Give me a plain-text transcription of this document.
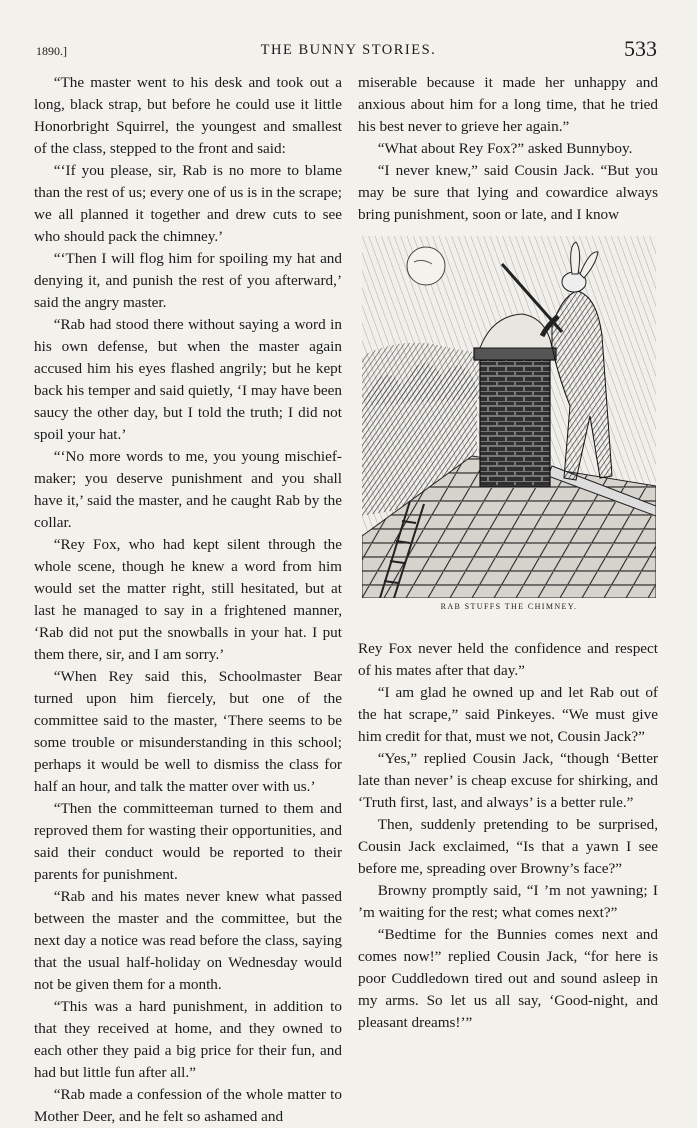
1890.]	THE BUNNY STORIES.	533

“The master went to his desk and took out a long, black strap, but before he could use it little Honorbright Squirrel, the youngest and smallest of the class, stepped to the front and said:

“‘If you please, sir, Rab is no more to blame than the rest of us; every one of us is in the scrape; we all planned it together and drew cuts to see who should pack the chimney.’

“‘Then I will flog him for spoiling my hat and denying it, and punish the rest of you afterward,’ said the angry master.

“Rab had stood there without saying a word in his own defense, but when the master again accused him his eyes flashed angrily; but he kept back his temper and said quietly, ‘I may have been saucy the other day, but I told the truth; I did not spoil your hat.’

“‘No more words to me, you young mischief-maker; you deserve punishment and you shall have it,’ said the master, and he caught Rab by the collar.

“Rey Fox, who had kept silent through the whole scene, though he knew a word from him would set the matter right, still hesitated, but at last he managed to say in a frightened manner, ‘Rab did not put the snowballs in your hat. I put them there, sir, and I am sorry.’

“When Rey said this, Schoolmaster Bear turned upon him fiercely, but one of the committee said to the master, ‘There seems to be some trouble or misunderstanding in this school; perhaps it would be well to dismiss the class for half an hour, and talk the matter over with us.’

“Then the committeeman turned to them and reproved them for wasting their opportunities, and said their conduct would be reported to their parents for punishment.

“Rab and his mates never knew what passed between the master and the committee, but the next day a notice was read before the class, saying that the usual half-holiday on Wednesday would not be given them for a month.

“This was a hard punishment, in addition to that they received at home, and they owned to each other they paid a big price for their fun, and had but little fun after all.”

“Rab made a confession of the whole matter to Mother Deer, and he felt so ashamed and

miserable because it made her unhappy and anxious about him for a long time, that he tried his best never to grieve her again.”

“What about Rey Fox?” asked Bunnyboy.

“I never knew,” said Cousin Jack. “But you may be sure that lying and cowardice always bring punishment, soon or late, and I know

RAB STUFFS THE CHIMNEY.

Rey Fox never held the confidence and respect of his mates after that day.”

“I am glad he owned up and let Rab out of the hat scrape,” said Pinkeyes. “We must give him credit for that, must we not, Cousin Jack?”

“Yes,” replied Cousin Jack, “though ‘Better late than never’ is cheap excuse for shirking, and ‘Truth first, last, and always’ is a better rule.”

Then, suddenly pretending to be surprised, Cousin Jack exclaimed, “Is that a yawn I see before me, spreading over Browny’s face?”

Browny promptly said, “I ’m not yawning; I ’m waiting for the rest; what comes next?”

“Bedtime for the Bunnies comes next and comes now!” replied Cousin Jack, “for here is poor Cuddledown tired out and sound asleep in my arms. So let us all say, ‘Good-night, and pleasant dreams!’”
